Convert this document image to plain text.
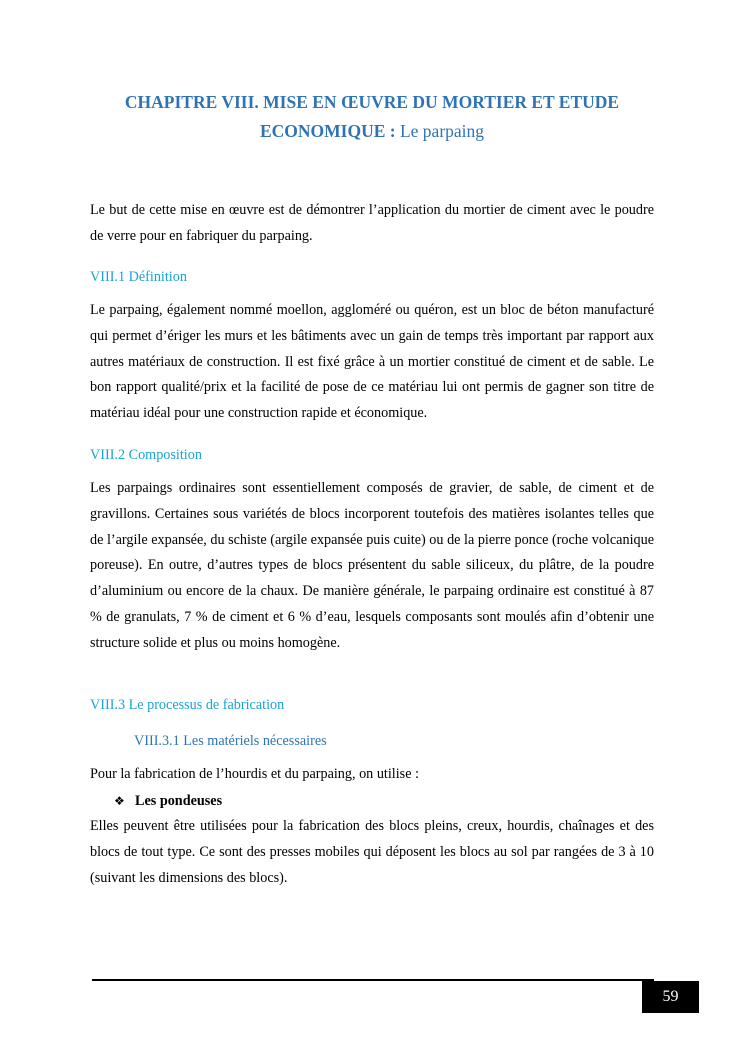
CHAPITRE VIII. MISE EN ŒUVRE DU MORTIER ET ETUDE
ECONOMIQUE : Le parpaing

Le but de cette mise en œuvre est de démontrer l’application du mortier de ciment avec le poudre de verre pour en fabriquer du parpaing.

VIII.1 Définition

Le parpaing, également nommé moellon, aggloméré ou quéron, est un bloc de béton manufacturé qui permet d’ériger les murs et les bâtiments avec un gain de temps très important par rapport aux autres matériaux de construction. Il est fixé grâce à un mortier constitué de ciment et de sable. Le bon rapport qualité/prix et la facilité de pose de ce matériau lui ont permis de gagner son titre de matériau idéal pour une construction rapide et économique.

VIII.2 Composition

Les parpaings ordinaires sont essentiellement composés de gravier, de sable, de ciment et de gravillons. Certaines sous variétés de blocs incorporent toutefois des matières isolantes telles que de l’argile expansée, du schiste (argile expansée puis cuite) ou de la pierre ponce (roche volcanique poreuse). En outre, d’autres types de blocs présentent du sable siliceux, du plâtre, de la poudre d’aluminium ou encore de la chaux. De manière générale, le parpaing ordinaire est constitué à 87 % de granulats, 7 % de ciment et 6 % d’eau, lesquels composants sont moulés afin d’obtenir une structure solide et plus ou moins homogène.

VIII.3 Le processus de fabrication
VIII.3.1 Les matériels nécessaires

Pour la fabrication de l’hourdis et du parpaing, on utilise :

❖ Les pondeuses

Elles peuvent être utilisées pour la fabrication des blocs pleins, creux, hourdis, chaînages et des blocs de tout type. Ce sont des presses mobiles qui déposent les blocs au sol par rangées de 3 à 10 (suivant les dimensions des blocs).

59
